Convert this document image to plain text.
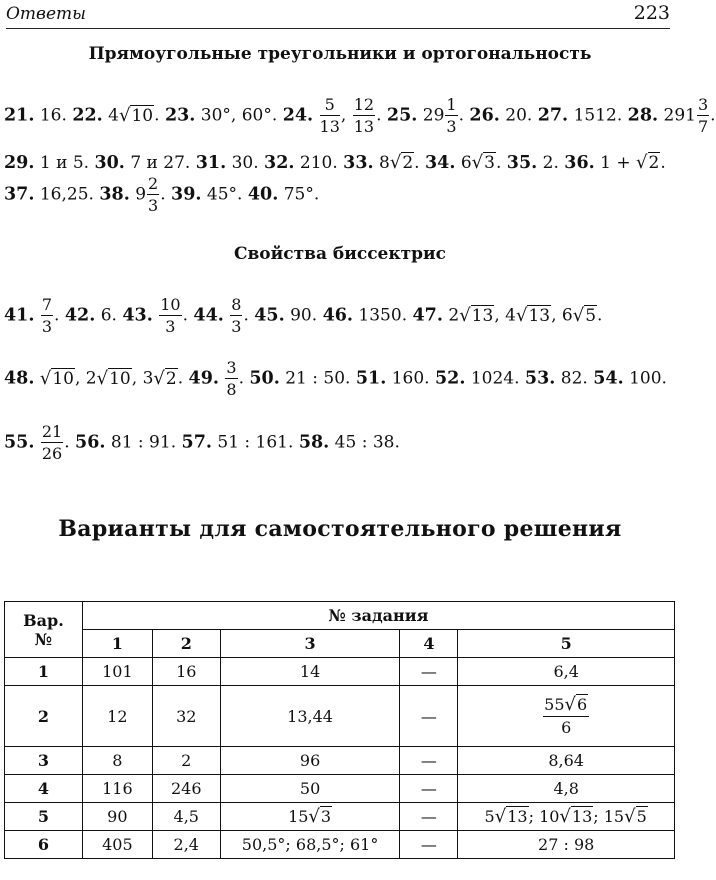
Ответы	223
Прямоугольные треугольники и ортогональность
21. 16. 22. 4√10. 23. 30°, 60°. 24. $\frac{5}{13}$ , $\frac{12}{13}$ . 25. $29 \frac{1}{3}$ . 26. 20. 27. 1512. 28. $291 \frac{3}{7}$ .
29. 1 и 5. 30. 7 и 27. 31. 30. 32. 210. 33. 8√2. 34. 6√3. 35. 2. 36. 1 + √2.
37. 16,25. 38. $9 \frac{2}{3}$ . 39. 45°. 40. 75°.
Свойства биссектрис
41. $\frac{7}{3}$ . 42. 6. 43. $\frac{10}{3}$ . 44. $\frac{8}{3}$ . 45. 90. 46. 1350. 47. 2√13, 4√13, 6√5.
48. √10, 2√10, 3√2. 49. $\frac{3}{8}$ . 50. 21 : 50. 51. 160. 52. 1024. 53. 82. 54. 100.
55. $\frac{21}{26}$ . 56. 81 : 91. 57. 51 : 161. 58. 45 : 38.
Варианты для самостоятельного решения
Вар.
№	№ задания				
	1	2	3	4	5
1	101	16	14	—	6,4
2	12	32	13,44	—	$\frac{55√6}{6}$

3	8	2	96	—	8,64
4	116	246	50	—	4,8
5	90	4,5	15√3	—	5√13; 10√13; 15√5
6	405	2,4	50,5°; 68,5°; 61°	—	27 : 98
